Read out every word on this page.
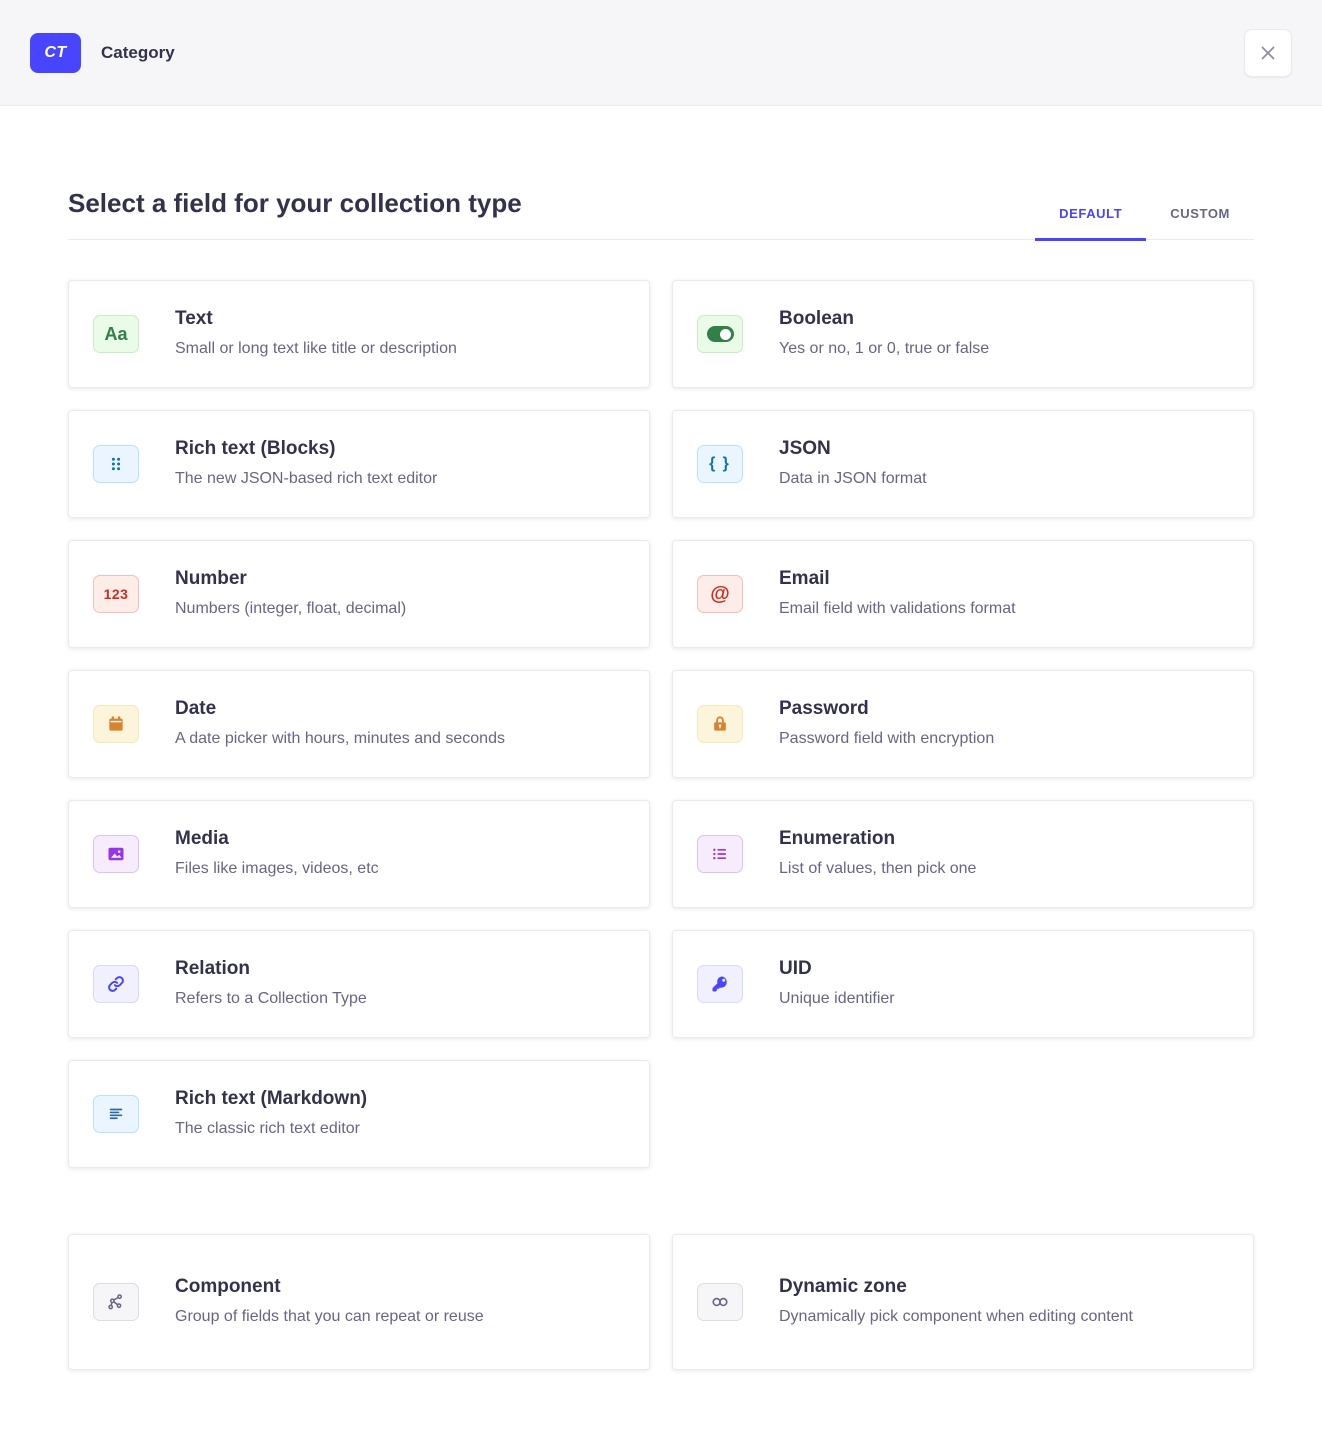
CT	Category
Select a field for your collection type	DEFAULT	CUSTOM
Aa
Text
Small or long text like title or description
Boolean
Yes or no, 1 or 0, true or false
Rich text (Blocks)
The new JSON-based rich text editor
{ }
JSON
Data in JSON format
123
Number
Numbers (integer, float, decimal)
@
Email
Email field with validations format
Date
A date picker with hours, minutes and seconds
Password
Password field with encryption
Media
Files like images, videos, etc
Enumeration
List of values, then pick one
Relation
Refers to a Collection Type
UID
Unique identifier
Rich text (Markdown)
The classic rich text editor
Component
Group of fields that you can repeat or reuse
Dynamic zone
Dynamically pick component when editing content
